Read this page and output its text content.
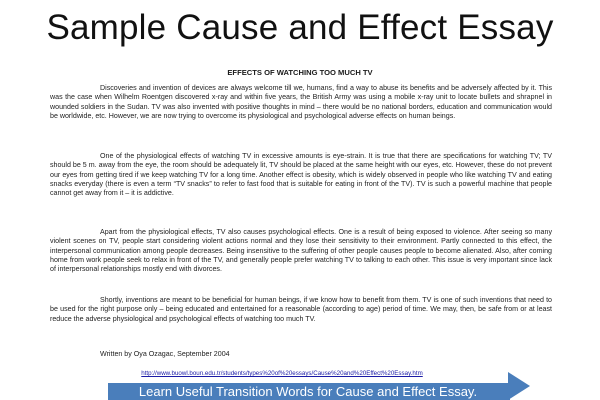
Sample Cause and Effect Essay
EFFECTS OF WATCHING TOO MUCH TV

Discoveries and invention of devices are always welcome till we, humans, find a way to abuse its benefits and be adversely affected by it. This was the case when Wilhelm Roentgen discovered x-ray and within five years, the British Army was using a mobile x-ray unit to locate bullets and shrapnel in wounded soldiers in the Sudan. TV was also invented with positive thoughts in mind – there would be no national borders, education and communication would be worldwide, etc. However, we are now trying to overcome its physiological and psychological adverse effects on human beings.

One of the physiological effects of watching TV in excessive amounts is eye-strain. It is true that there are specifications for watching TV; TV should be 5 m. away from the eye, the room should be adequately lit, TV should be placed at the same height with our eyes, etc. However, these do not prevent our eyes from getting tired if we keep watching TV for a long time. Another effect is obesity, which is widely observed in people who like watching TV and eating snacks everyday (there is even a term “TV snacks” to refer to fast food that is suitable for eating in front of the TV). TV is such a powerful machine that people cannot get away from it – it is addictive.

Apart from the physiological effects, TV also causes psychological effects. One is a result of being exposed to violence. After seeing so many violent scenes on TV, people start considering violent actions normal and they lose their sensitivity to their environment. Partly connected to this effect, the interpersonal communication among people decreases. Being insensitive to the suffering of other people causes people to become alienated. Also, after coming home from work people seek to relax in front of the TV, and generally people prefer watching TV to talking to each other. This issue is very important since lack of interpersonal relationships mostly end with divorces.

Shortly, inventions are meant to be beneficial for human beings, if we know how to benefit from them. TV is one of such inventions that need to be used for the right purpose only – being educated and entertained for a reasonable (according to age) period of time. We may, then, be safe from or at least reduce the adverse physiological and psychological effects of watching too much TV.

Written by Oya Ozagac, September 2004
http://www.buowl.boun.edu.tr/students/types%20of%20essays/Cause%20and%20Effect%20Essay.htm
Learn Useful Transition Words for Cause and Effect Essay.
